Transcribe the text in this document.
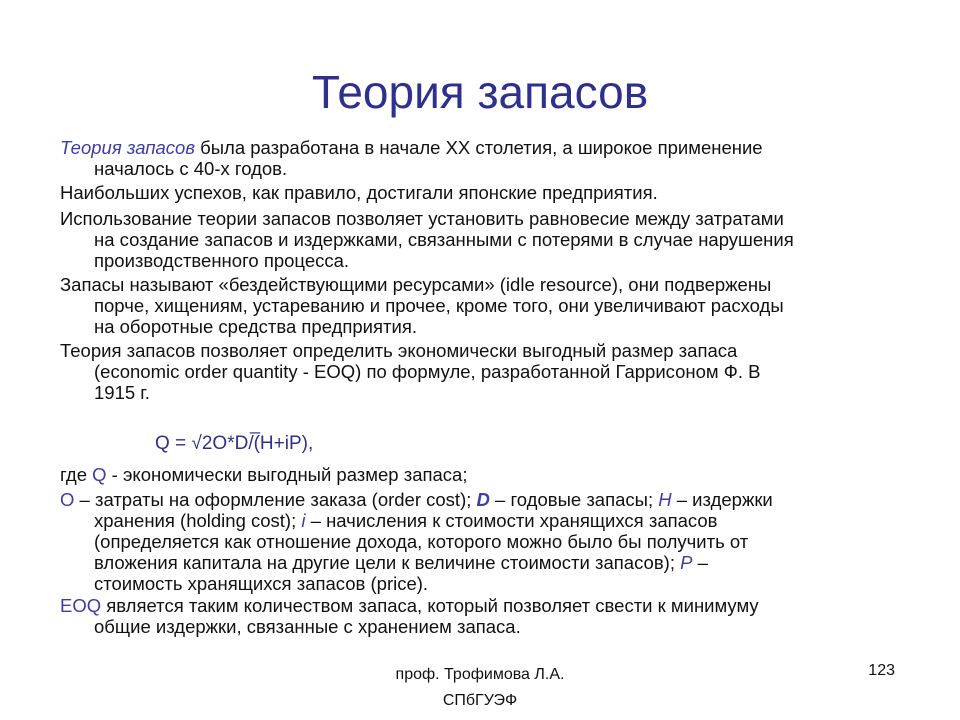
Теория запасов
Теория запасов была разработана в начале ХХ столетия, а широкое применение
началось с 40-х годов.
Наибольших успехов, как правило, достигали японские предприятия.
Использование теории запасов позволяет установить равновесие между затратами
на создание запасов и издержками, связанными с потерями в случае нарушения
производственного процесса.
Запасы называют «бездействующими ресурсами» (idle resource), они подвержены
порче, хищениям, устареванию и прочее, кроме того, они увеличивают расходы
на оборотные средства предприятия.
Теория запасов позволяет определить экономически выгодный размер запаса
(economic order quantity - EOQ) по формуле, разработанной Гаррисоном Ф. В
1915 г.
_
Q = √2O*D/(H+iP),
где Q - экономически выгодный размер запаса;
O – затраты на оформление заказа (order cost); D – годовые запасы; H – издержки
хранения (holding cost); i – начисления к стоимости хранящихся запасов
(определяется как отношение дохода, которого можно было бы получить от
вложения капитала на другие цели к величине стоимости запасов); P –
стоимость хранящихся запасов (price).
EOQ является таким количеством запаса, который позволяет свести к минимуму
общие издержки, связанные с хранением запаса.
проф. Трофимова Л.А.
СПбГУЭФ
123
